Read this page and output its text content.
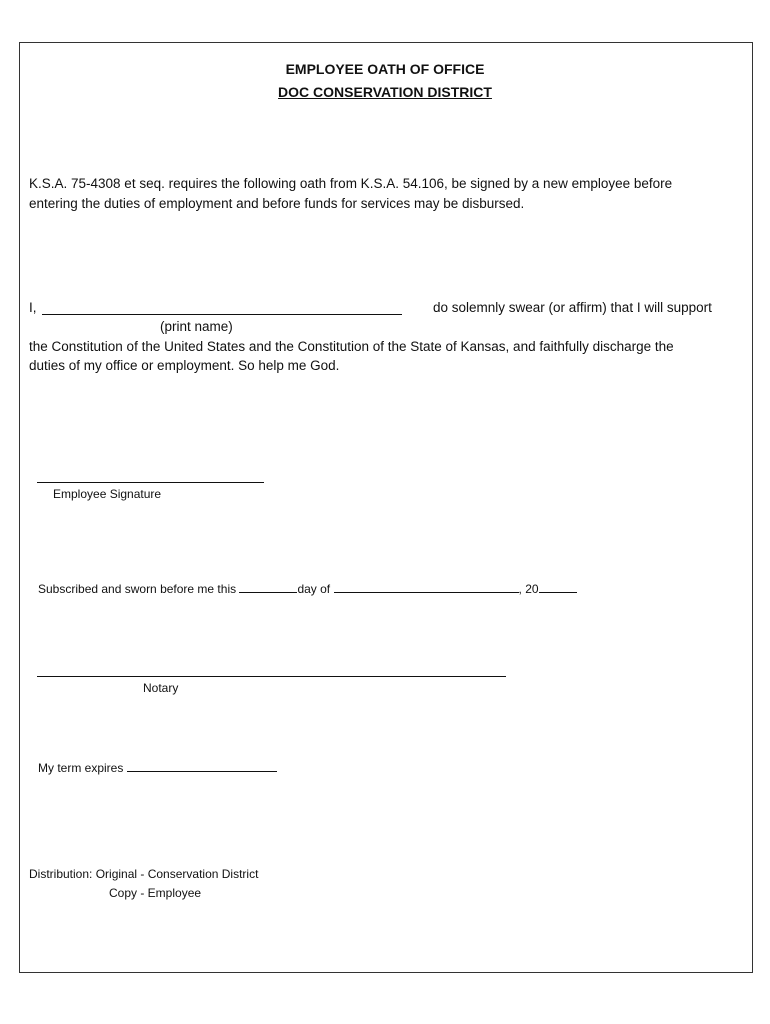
EMPLOYEE OATH OF OFFICE
DOC CONSERVATION DISTRICT
K.S.A. 75-4308 et seq. requires the following oath from K.S.A. 54.106, be signed by a new employee before
entering the duties of employment and before funds for services may be disbursed.
I,	do solemnly swear (or affirm) that I will support
(print name)
the Constitution of the United States and the Constitution of the State of Kansas, and faithfully discharge the
duties of my office or employment. So help me God.
Employee Signature
Subscribed and sworn before me this	day of	, 20
Notary
My term expires
Distribution: Original - Conservation District
Copy - Employee
